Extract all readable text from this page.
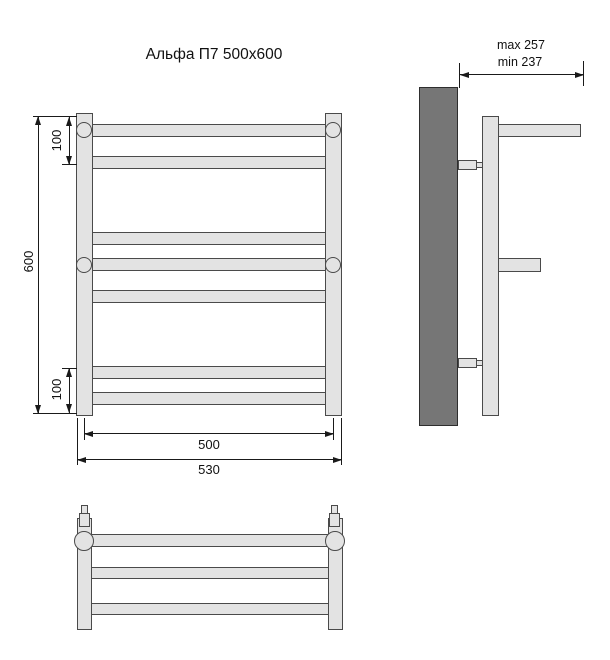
Альфа П7 500x600
600
100
100
500
530
max 257
min 237
